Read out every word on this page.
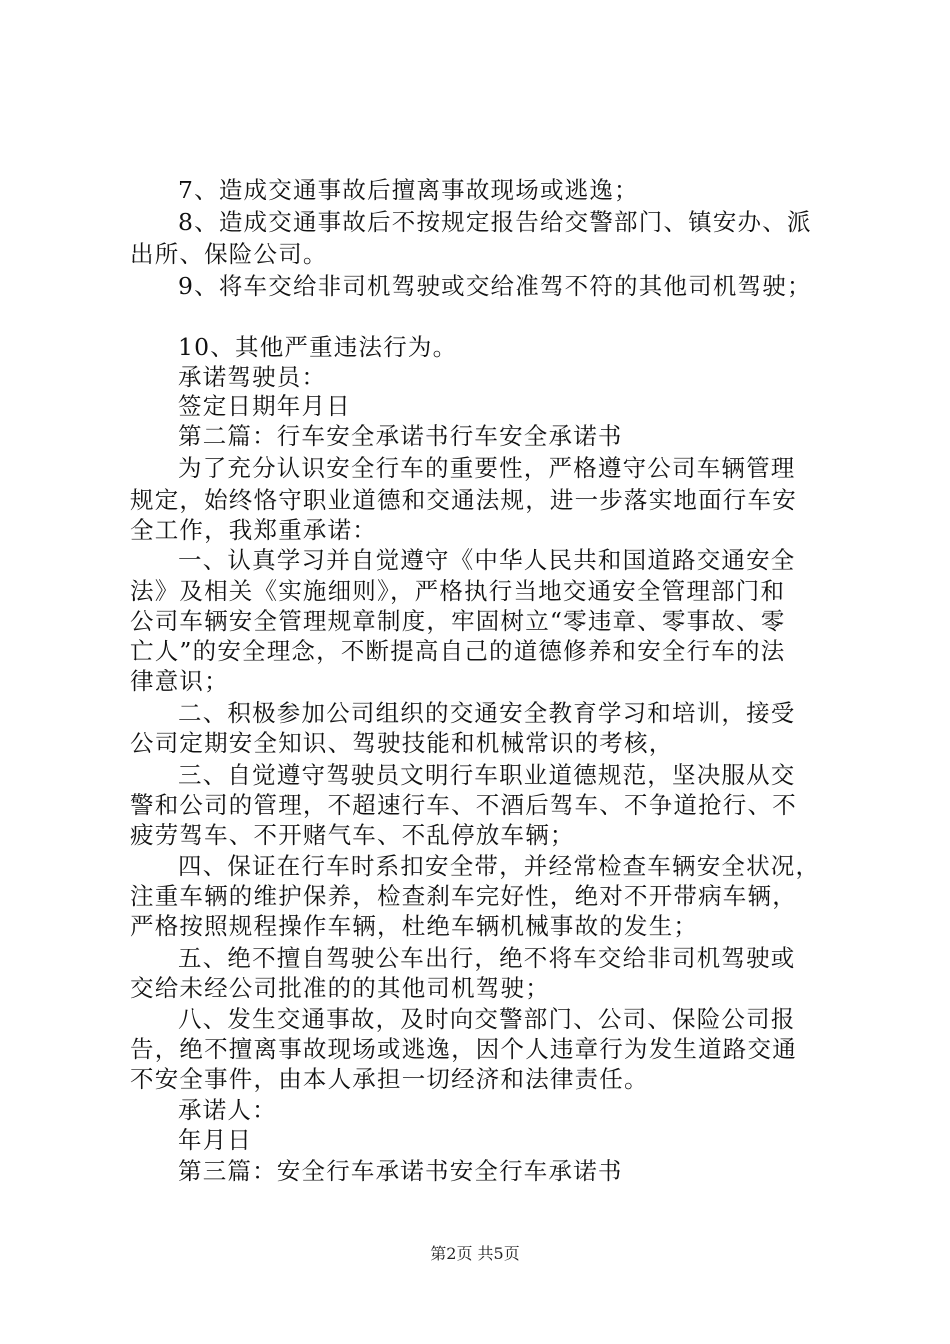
7、造成交通事故后擅离事故现场或逃逸；
8、造成交通事故后不按规定报告给交警部门、镇安办、派
出所、保险公司。
9、将车交给非司机驾驶或交给准驾不符的其他司机驾驶；
10、其他严重违法行为。
承诺驾驶员：
签定日期年月日
第二篇：行车安全承诺书行车安全承诺书
为了充分认识安全行车的重要性，严格遵守公司车辆管理
规定，始终恪守职业道德和交通法规，进一步落实地面行车安
全工作，我郑重承诺：
一、认真学习并自觉遵守《中华人民共和国道路交通安全
法》及相关《实施细则》，严格执行当地交通安全管理部门和
公司车辆安全管理规章制度，牢固树立“零违章、零事故、零
亡人”的安全理念，不断提高自己的道德修养和安全行车的法
律意识；
二、积极参加公司组织的交通安全教育学习和培训，接受
公司定期安全知识、驾驶技能和机械常识的考核，
三、自觉遵守驾驶员文明行车职业道德规范，坚决服从交
警和公司的管理，不超速行车、不酒后驾车、不争道抢行、不
疲劳驾车、不开赌气车、不乱停放车辆；
四、保证在行车时系扣安全带，并经常检查车辆安全状况，
注重车辆的维护保养，检查刹车完好性，绝对不开带病车辆，
严格按照规程操作车辆，杜绝车辆机械事故的发生；
五、绝不擅自驾驶公车出行，绝不将车交给非司机驾驶或
交给未经公司批准的的其他司机驾驶；
八、发生交通事故，及时向交警部门、公司、保险公司报
告，绝不擅离事故现场或逃逸，因个人违章行为发生道路交通
不安全事件，由本人承担一切经济和法律责任。
承诺人：
年月日
第三篇：安全行车承诺书安全行车承诺书
第2页 共5页
